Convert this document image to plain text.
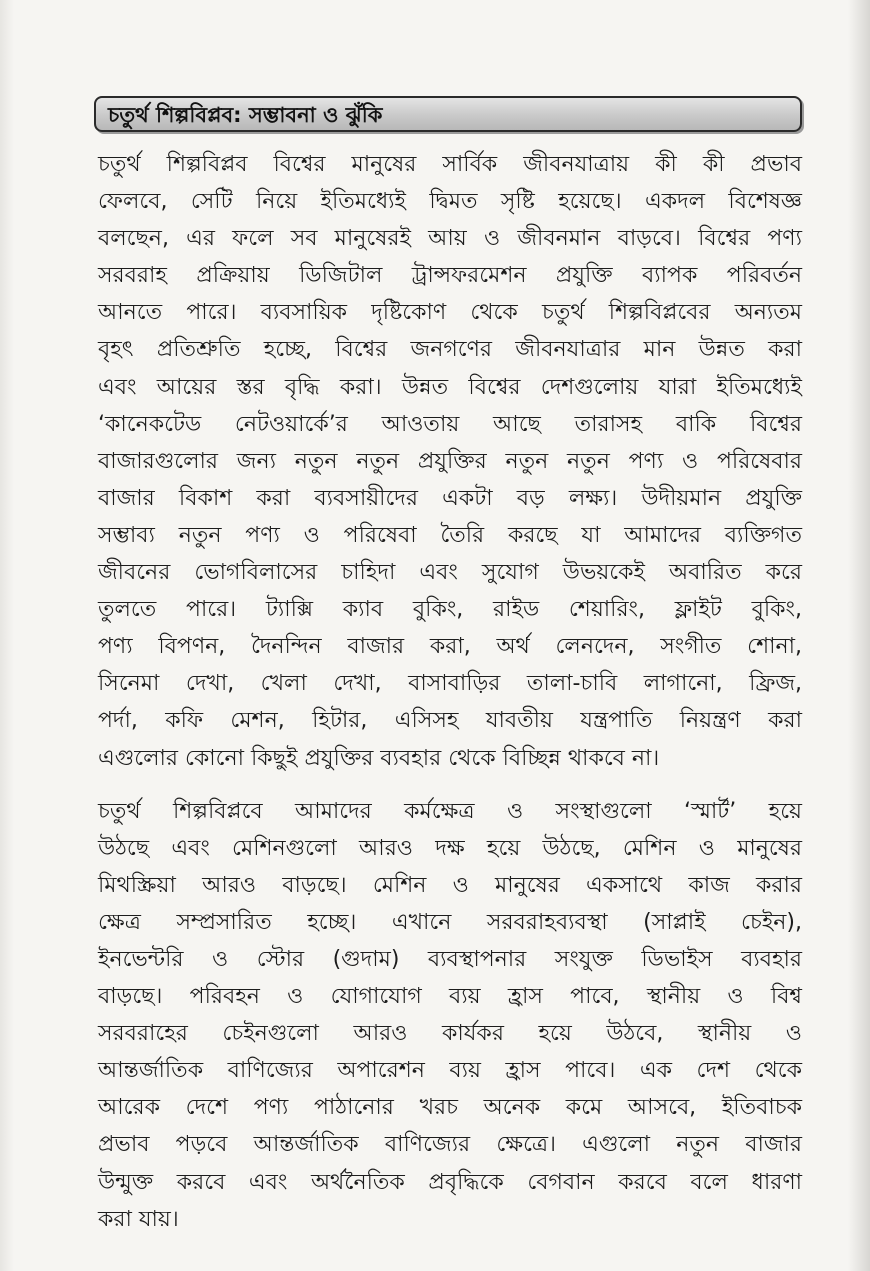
চতুর্থ শিল্পবিপ্লব: সম্ভাবনা ও ঝুঁকি
চতুর্থ শিল্পবিপ্লব বিশ্বের মানুষের সার্বিক জীবনযাত্রায় কী কী প্রভাব
ফেলবে, সেটি নিয়ে ইতিমধ্যেই দ্বিমত সৃষ্টি হয়েছে। একদল বিশেষজ্ঞ
বলছেন, এর ফলে সব মানুষেরই আয় ও জীবনমান বাড়বে। বিশ্বের পণ্য
সরবরাহ প্রক্রিয়ায় ডিজিটাল ট্রান্সফরমেশন প্রযুক্তি ব্যাপক পরিবর্তন
আনতে পারে। ব্যবসায়িক দৃষ্টিকোণ থেকে চতুর্থ শিল্পবিপ্লবের অন্যতম
বৃহৎ প্রতিশ্রুতি হচ্ছে, বিশ্বের জনগণের জীবনযাত্রার মান উন্নত করা
এবং আয়ের স্তর বৃদ্ধি করা। উন্নত বিশ্বের দেশগুলোয় যারা ইতিমধ্যেই
‘কানেকটেড নেটওয়ার্কে’র আওতায় আছে তারাসহ বাকি বিশ্বের
বাজারগুলোর জন্য নতুন নতুন প্রযুক্তির নতুন নতুন পণ্য ও পরিষেবার
বাজার বিকাশ করা ব্যবসায়ীদের একটা বড় লক্ষ্য। উদীয়মান প্রযুক্তি
সম্ভাব্য নতুন পণ্য ও পরিষেবা তৈরি করছে যা আমাদের ব্যক্তিগত
জীবনের ভোগবিলাসের চাহিদা এবং সুযোগ উভয়কেই অবারিত করে
তুলতে পারে। ট্যাক্সি ক্যাব বুকিং, রাইড শেয়ারিং, ফ্লাইট বুকিং,
পণ্য বিপণন, দৈনন্দিন বাজার করা, অর্থ লেনদেন, সংগীত শোনা,
সিনেমা দেখা, খেলা দেখা, বাসাবাড়ির তালা-চাবি লাগানো, ফ্রিজ,
পর্দা, কফি মেশন, হিটার, এসিসহ যাবতীয় যন্ত্রপাতি নিয়ন্ত্রণ করা
এগুলোর কোনো কিছুই প্রযুক্তির ব্যবহার থেকে বিচ্ছিন্ন থাকবে না।
চতুর্থ শিল্পবিপ্লবে আমাদের কর্মক্ষেত্র ও সংস্থাগুলো ‘স্মার্ট’ হয়ে
উঠছে এবং মেশিনগুলো আরও দক্ষ হয়ে উঠছে, মেশিন ও মানুষের
মিথস্ক্রিয়া আরও বাড়ছে। মেশিন ও মানুষের একসাথে কাজ করার
ক্ষেত্র সম্প্রসারিত হচ্ছে। এখানে সরবরাহব্যবস্থা (সাপ্লাই চেইন),
ইনভেন্টরি ও স্টোর (গুদাম) ব্যবস্থাপনার সংযুক্ত ডিভাইস ব্যবহার
বাড়ছে। পরিবহন ও যোগাযোগ ব্যয় হ্রাস পাবে, স্থানীয় ও বিশ্ব
সরবরাহের চেইনগুলো আরও কার্যকর হয়ে উঠবে, স্থানীয় ও
আন্তর্জাতিক বাণিজ্যের অপারেশন ব্যয় হ্রাস পাবে। এক দেশ থেকে
আরেক দেশে পণ্য পাঠানোর খরচ অনেক কমে আসবে, ইতিবাচক
প্রভাব পড়বে আন্তর্জাতিক বাণিজ্যের ক্ষেত্রে। এগুলো নতুন বাজার
উন্মুক্ত করবে এবং অর্থনৈতিক প্রবৃদ্ধিকে বেগবান করবে বলে ধারণা
করা যায়।
